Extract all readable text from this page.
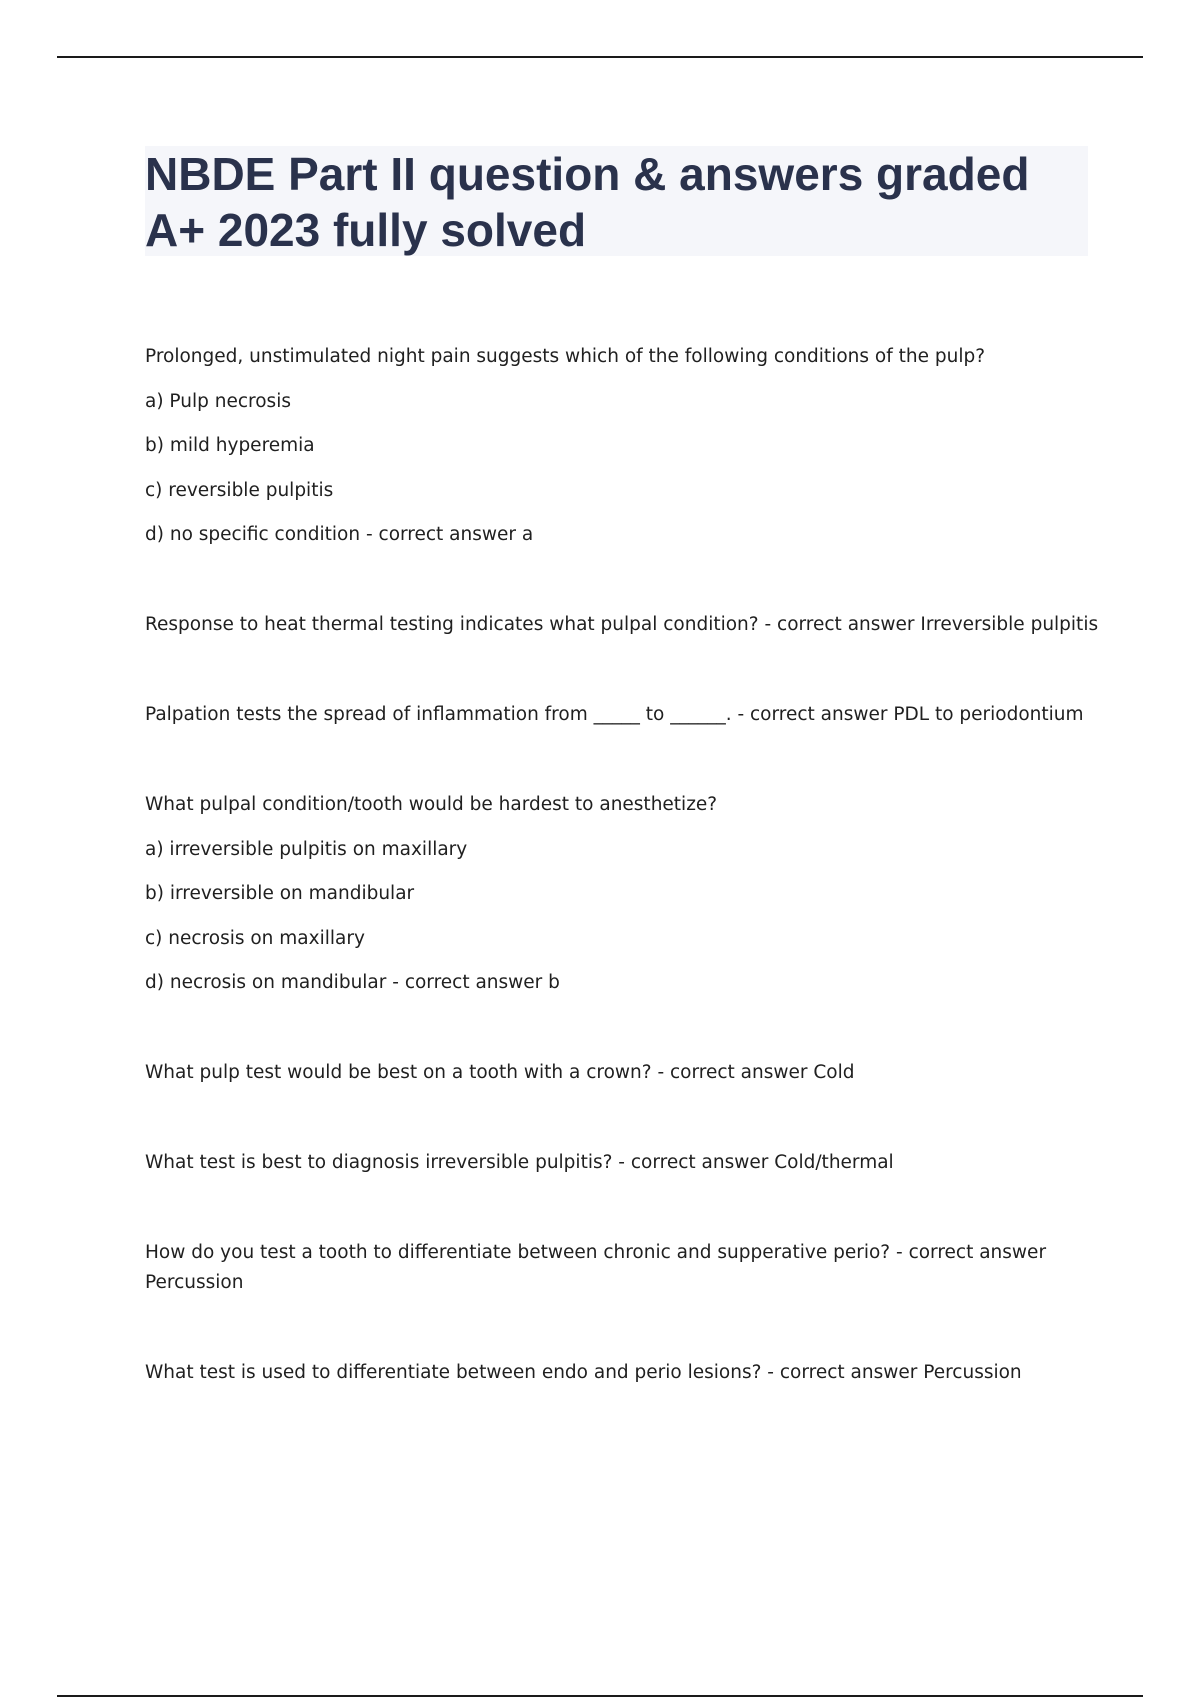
NBDE Part II question & answers graded
A+ 2023 fully solved

Prolonged, unstimulated night pain suggests which of the following conditions of the pulp?

a) Pulp necrosis

b) mild hyperemia

c) reversible pulpitis

d) no specific condition - correct answer a

Response to heat thermal testing indicates what pulpal condition? - correct answer Irreversible pulpitis

Palpation tests the spread of inflammation from _____ to ______. - correct answer PDL to periodontium

What pulpal condition/tooth would be hardest to anesthetize?

a) irreversible pulpitis on maxillary

b) irreversible on mandibular

c) necrosis on maxillary

d) necrosis on mandibular - correct answer b

What pulp test would be best on a tooth with a crown? - correct answer Cold

What test is best to diagnosis irreversible pulpitis? - correct answer Cold/thermal

How do you test a tooth to differentiate between chronic and supperative perio? - correct answer

Percussion

What test is used to differentiate between endo and perio lesions? - correct answer Percussion
